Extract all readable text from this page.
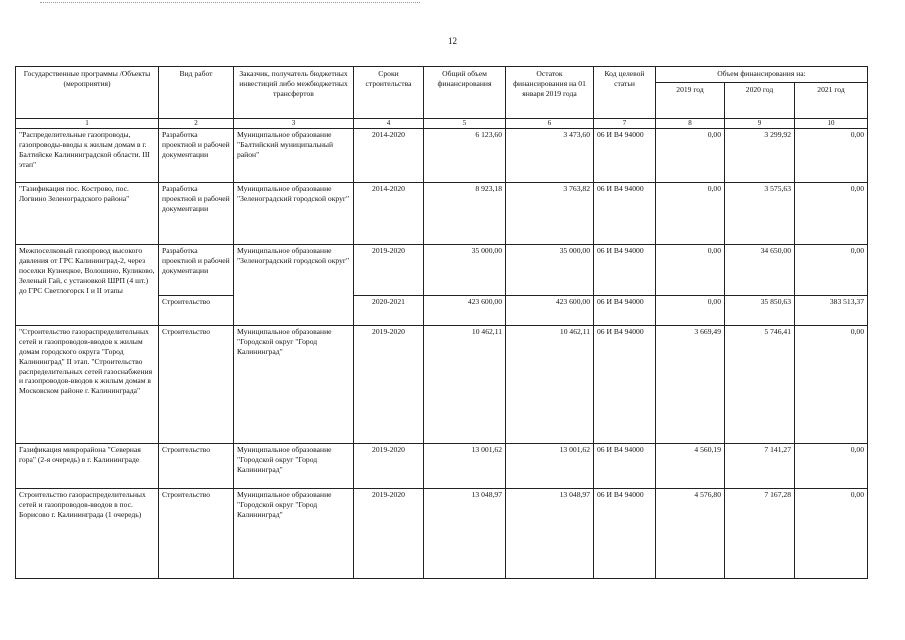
12
Государственные программы /Объекты (мероприятия)	Вид работ	Заказчик, получатель бюджетных инвестиций либо межбюджетных трансфертов	Сроки строительства	Общий объем финансирования	Остаток финансирования на 01 января 2019 года	Код целевой статьи	Объем финансирования на:		
							2019 год	2020 год	2021 год
1	2	3	4	5	6	7	8	9	10
"Распределительные газопроводы, газопроводы-вводы к жилым домам в г. Балтийске Калининградской области. III этап"	Разработка проектной и рабочей документации	Муниципальное образование "Балтийский муниципальный район"	2014-2020	6 123,60	3 473,60	06 И В4 94000	0,00	3 299,92	0,00
"Газификация пос. Кострово, пос. Логвино Зеленоградского района"	Разработка проектной и рабочей документации	Муниципальное образование "Зеленоградский городской округ"	2014-2020	8 923,18	3 763,82	06 И В4 94000	0,00	3 575,63	0,00
Межпоселковый газопровод высокого давления от ГРС Калининград-2, через поселки Кузнецкое, Волошино, Куликово, Зеленый Гай, с установкой ШРП (4 шт.) до ГРС Светлогорск I и II этапы	Разработка проектной и рабочей документации	Муниципальное образование "Зеленоградский городской округ"	2019-2020	35 000,00	35 000,00	06 И В4 94000	0,00	34 650,00	0,00
	Строительство		2020-2021	423 600,00	423 600,00	06 И В4 94000	0,00	35 850,63	383 513,37
"Строительство газораспределительных сетей и газопроводов-вводов к жилым домам городского округа "Город Калининград" II этап. "Строительство распределительных сетей газоснабжения и газопроводов-вводов к жилым домам в Московском районе г. Калининграда"	Строительство	Муниципальное образование "Городской округ "Город Калининград"	2019-2020	10 462,11	10 462,11	06 И В4 94000	3 669,49	5 746,41	0,00
Газификация микрорайона "Северная гора" (2-я очередь) в г. Калининграде	Строительство	Муниципальное образование "Городской округ "Город Калининград"	2019-2020	13 001,62	13 001,62	06 И В4 94000	4 560,19	7 141,27	0,00
Строительство газораспределительных сетей и газопроводов-вводов в пос. Борисово г. Калининграда (1 очередь)	Строительство	Муниципальное образование "Городской округ "Город Калининград"	2019-2020	13 048,97	13 048,97	06 И В4 94000	4 576,80	7 167,28	0,00
